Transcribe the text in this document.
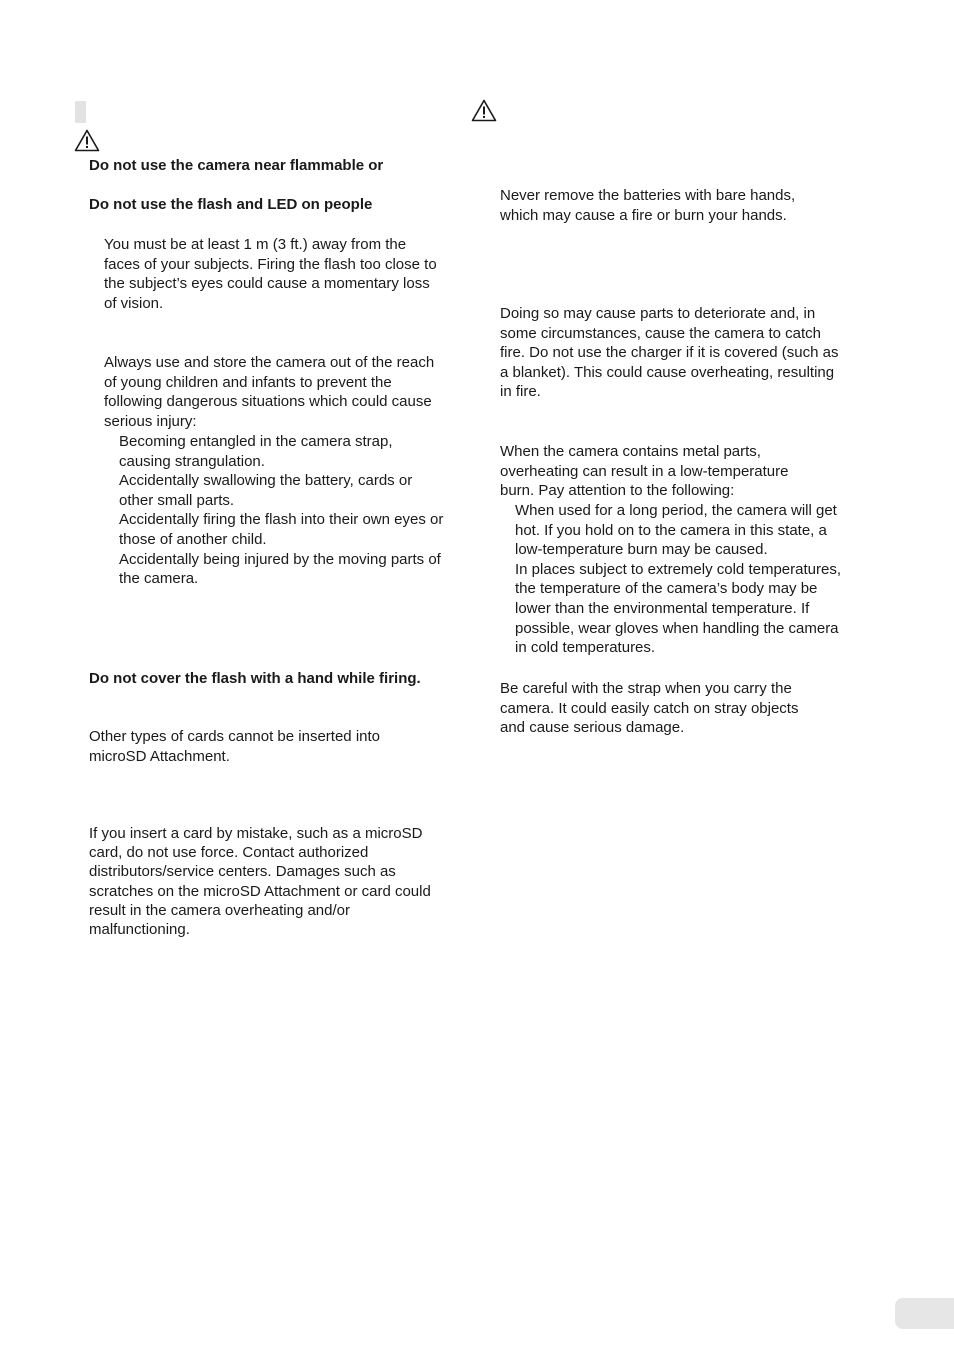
Do not use the camera near flammable or

Do not use the flash and LED on people

You must be at least 1 m (3 ft.) away from the faces of your subjects. Firing the flash too close to the subject’s eyes could cause a momentary loss of vision.

Always use and store the camera out of the reach of young children and infants to prevent the following dangerous situations which could cause serious injury:

Becoming entangled in the camera strap, causing strangulation.

Accidentally swallowing the battery, cards or other small parts.

Accidentally firing the flash into their own eyes or those of another child.

Accidentally being injured by the moving parts of the camera.

Do not cover the flash with a hand while firing.

Other types of cards cannot be inserted into microSD Attachment.

If you insert a card by mistake, such as a microSD card, do not use force. Contact authorized distributors/service centers. Damages such as scratches on the microSD Attachment or card could result in the camera overheating and/or malfunctioning.

Never remove the batteries with bare hands, which may cause a fire or burn your hands.

Doing so may cause parts to deteriorate and, in some circumstances, cause the camera to catch fire. Do not use the charger if it is covered (such as a blanket). This could cause overheating, resulting in fire.

When the camera contains metal parts, overheating can result in a low-temperature burn. Pay attention to the following:

When used for a long period, the camera will get hot. If you hold on to the camera in this state, a low-temperature burn may be caused.

In places subject to extremely cold temperatures, the temperature of the camera’s body may be lower than the environmental temperature. If possible, wear gloves when handling the camera in cold temperatures.

Be careful with the strap when you carry the camera. It could easily catch on stray objects and cause serious damage.
